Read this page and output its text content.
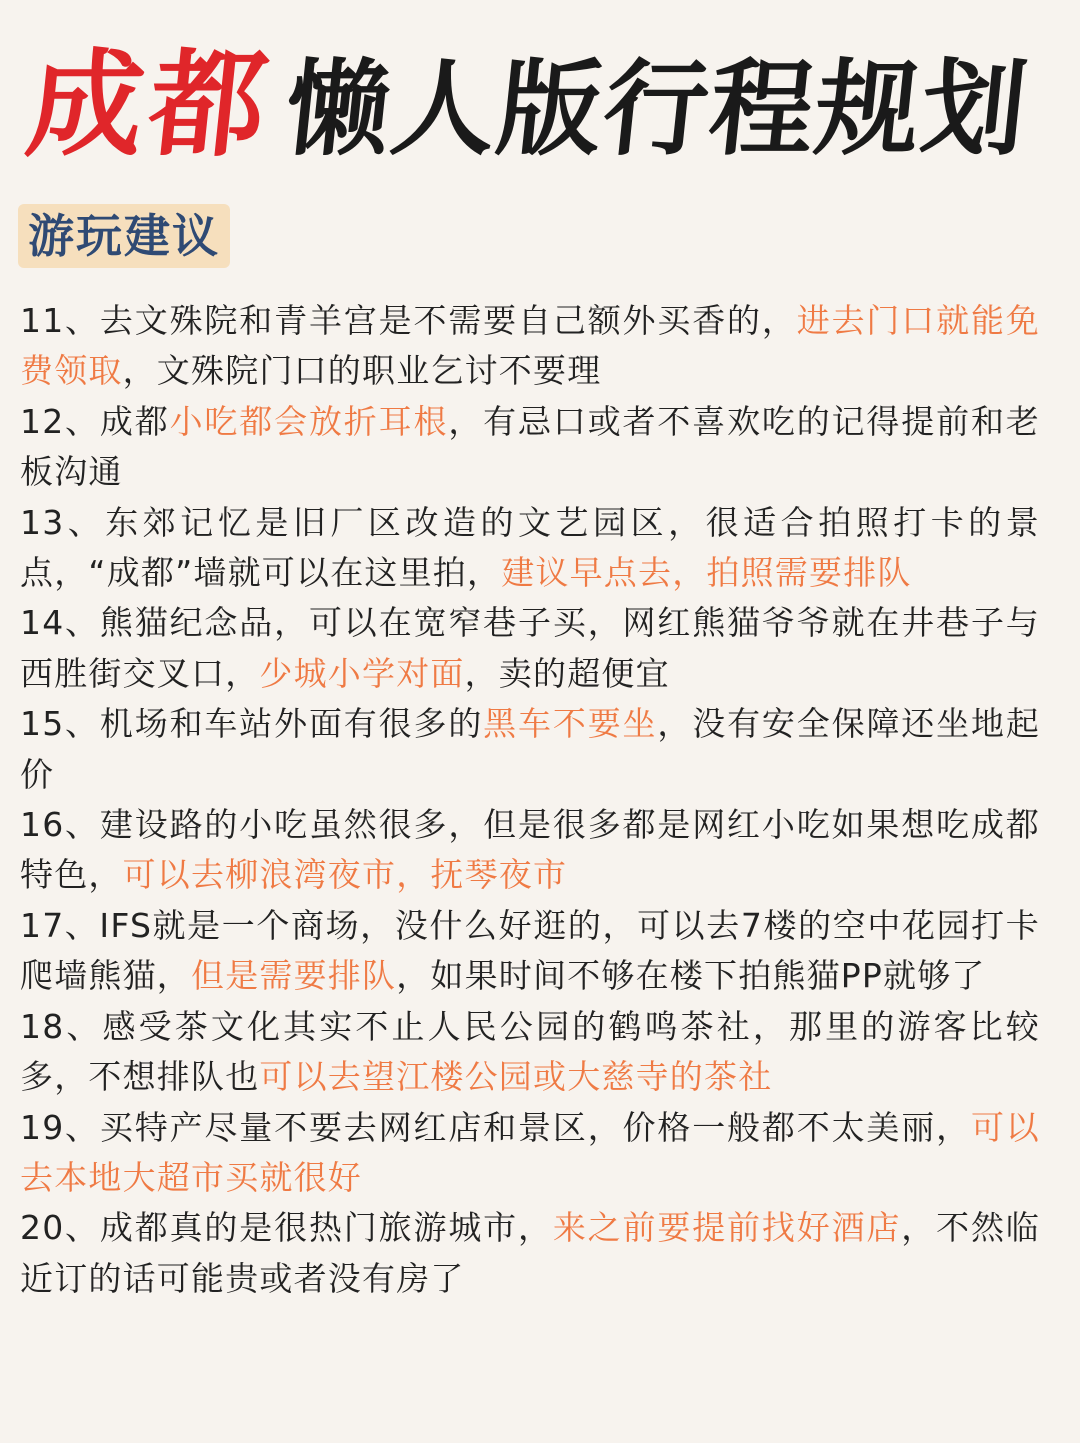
成都懒人版行程规划
游玩建议
11、去文殊院和青羊宫是不需要自己额外买香的，进去门口就能免费领取，文殊院门口的职业乞讨不要理
12、成都小吃都会放折耳根，有忌口或者不喜欢吃的记得提前和老板沟通
13、东郊记忆是旧厂区改造的文艺园区，很适合拍照打卡的景点，“成都”墙就可以在这里拍，建议早点去，拍照需要排队
14、熊猫纪念品，可以在宽窄巷子买，网红熊猫爷爷就在井巷子与西胜街交叉口，少城小学对面，卖的超便宜
15、机场和车站外面有很多的黑车不要坐，没有安全保障还坐地起价
16、建设路的小吃虽然很多，但是很多都是网红小吃如果想吃成都特色，可以去柳浪湾夜市，抚琴夜市
17、IFS就是一个商场，没什么好逛的，可以去7楼的空中花园打卡爬墙熊猫，但是需要排队，如果时间不够在楼下拍熊猫PP就够了
18、感受茶文化其实不止人民公园的鹤鸣茶社，那里的游客比较多，不想排队也可以去望江楼公园或大慈寺的茶社
19、买特产尽量不要去网红店和景区，价格一般都不太美丽，可以去本地大超市买就很好
20、成都真的是很热门旅游城市，来之前要提前找好酒店，不然临近订的话可能贵或者没有房了
